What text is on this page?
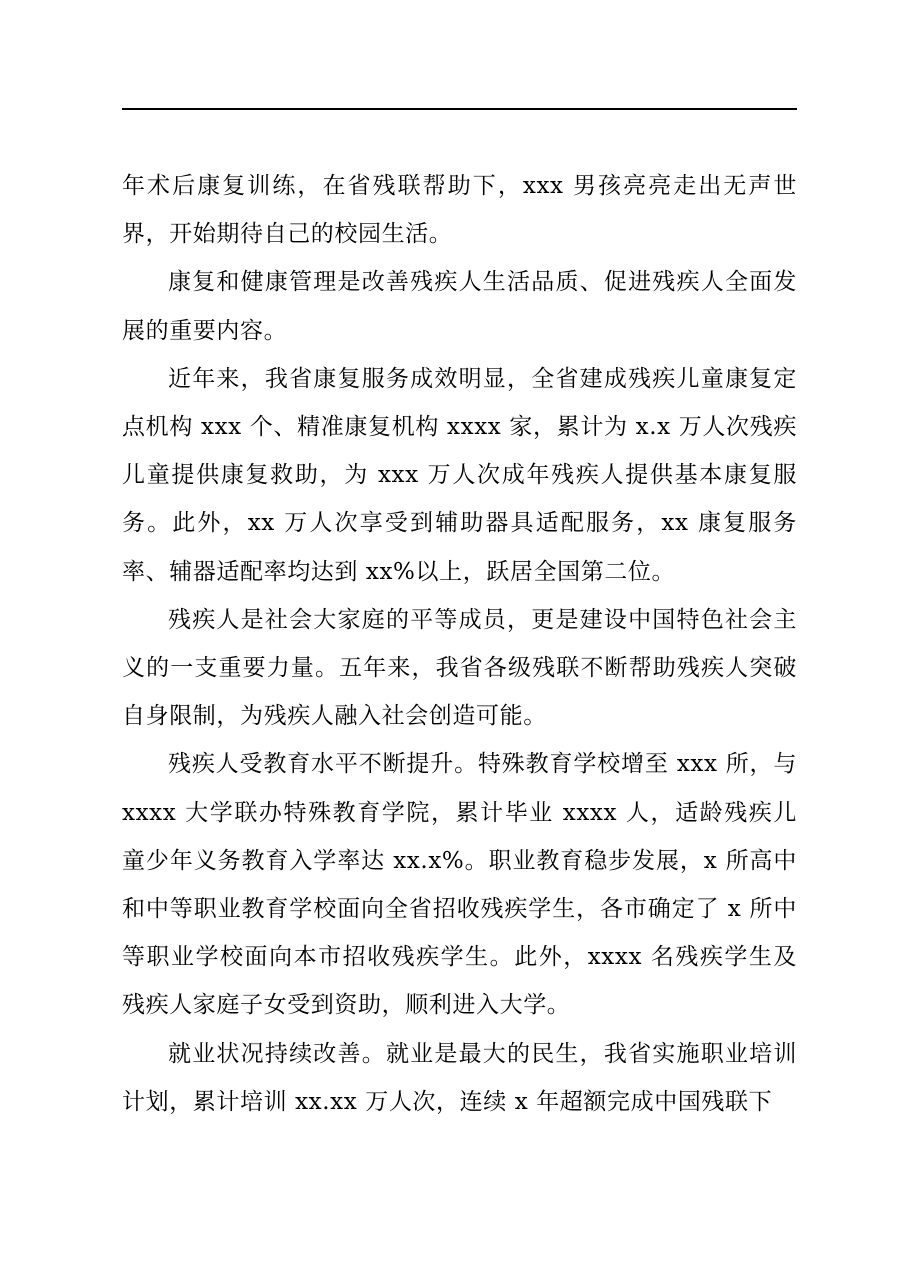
年术后康复训练，在省残联帮助下，xxx 男孩亮亮走出无声世界，开始期待自己的校园生活。

康复和健康管理是改善残疾人生活品质、促进残疾人全面发展的重要内容。

近年来，我省康复服务成效明显，全省建成残疾儿童康复定点机构 xxx 个、精准康复机构 xxxx 家，累计为 x.x 万人次残疾儿童提供康复救助，为 xxx 万人次成年残疾人提供基本康复服务。此外，xx 万人次享受到辅助器具适配服务，xx 康复服务率、辅器适配率均达到 xx%以上，跃居全国第二位。

残疾人是社会大家庭的平等成员，更是建设中国特色社会主义的一支重要力量。五年来，我省各级残联不断帮助残疾人突破自身限制，为残疾人融入社会创造可能。

残疾人受教育水平不断提升。特殊教育学校增至 xxx 所，与 xxxx 大学联办特殊教育学院，累计毕业 xxxx 人，适龄残疾儿童少年义务教育入学率达 xx.x%。职业教育稳步发展，x 所高中和中等职业教育学校面向全省招收残疾学生，各市确定了 x 所中等职业学校面向本市招收残疾学生。此外，xxxx 名残疾学生及残疾人家庭子女受到资助，顺利进入大学。

就业状况持续改善。就业是最大的民生，我省实施职业培训计划，累计培训 xx.xx 万人次，连续 x 年超额完成中国残联下
